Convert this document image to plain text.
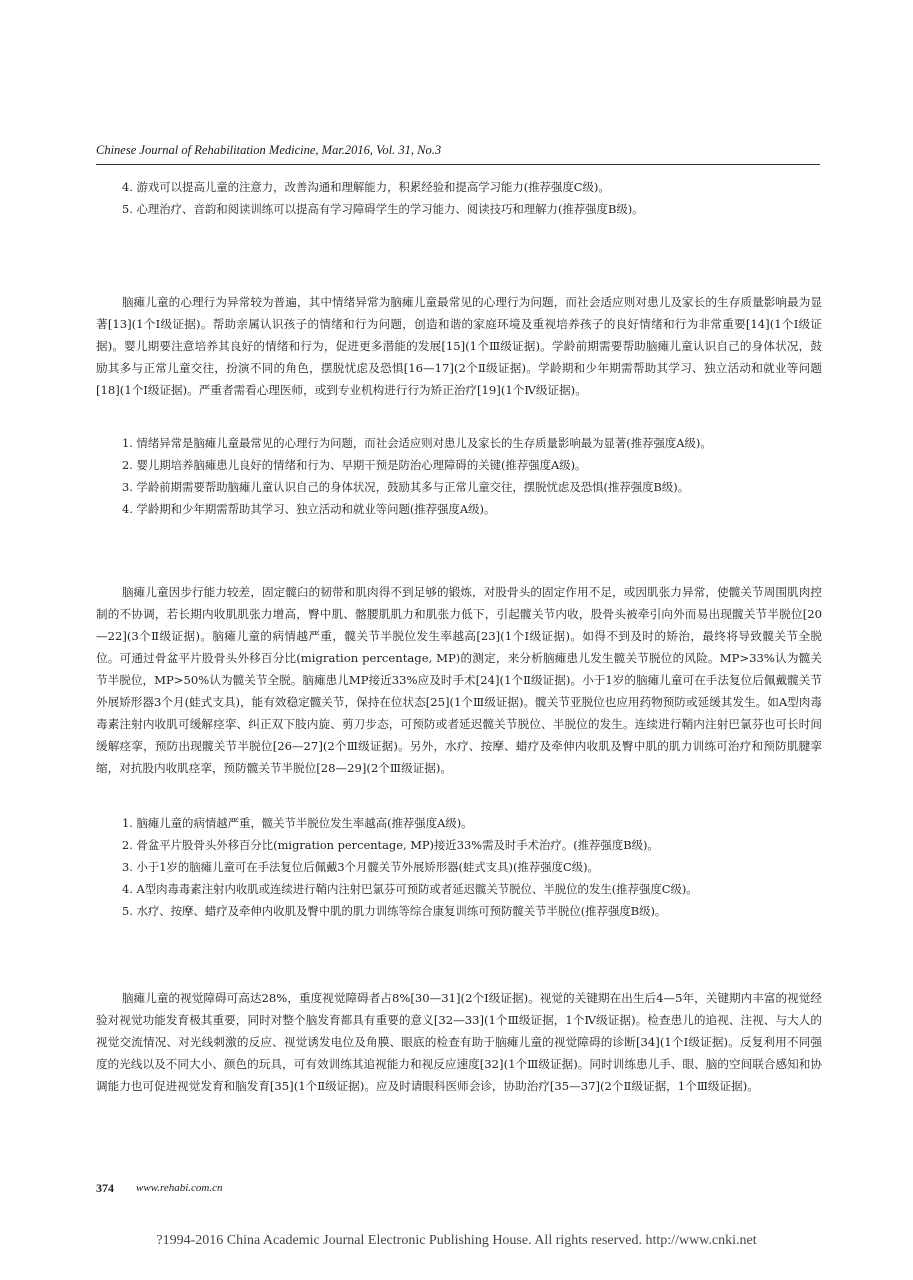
Chinese Journal of Rehabilitation Medicine, Mar.2016, Vol. 31, No.3
4. 游戏可以提高儿童的注意力，改善沟通和理解能力，积累经验和提高学习能力(推荐强度C级)。
5. 心理治疗、音韵和阅读训练可以提高有学习障碍学生的学习能力、阅读技巧和理解力(推荐强度B级)。
脑瘫儿童的心理行为异常较为普遍，其中情绪异常为脑瘫儿童最常见的心理行为问题，而社会适应则对患儿及家长的生存质量影响最为显著[13](1个Ⅰ级证据)。帮助亲属认识孩子的情绪和行为问题，创造和谐的家庭环境及重视培养孩子的良好情绪和行为非常重要[14](1个Ⅰ级证据)。婴儿期要注意培养其良好的情绪和行为，促进更多潜能的发展[15](1个Ⅲ级证据)。学龄前期需要帮助脑瘫儿童认识自己的身体状况，鼓励其多与正常儿童交往，扮演不同的角色，摆脱忧虑及恐惧[16—17](2个Ⅱ级证据)。学龄期和少年期需帮助其学习、独立活动和就业等问题[18](1个Ⅰ级证据)。严重者需看心理医师，或到专业机构进行行为矫正治疗[19](1个Ⅳ级证据)。
1. 情绪异常是脑瘫儿童最常见的心理行为问题，而社会适应则对患儿及家长的生存质量影响最为显著(推荐强度A级)。
2. 婴儿期培养脑瘫患儿良好的情绪和行为、早期干预是防治心理障碍的关键(推荐强度A级)。
3. 学龄前期需要帮助脑瘫儿童认识自己的身体状况，鼓励其多与正常儿童交往，摆脱忧虑及恐惧(推荐强度B级)。
4. 学龄期和少年期需帮助其学习、独立活动和就业等问题(推荐强度A级)。
脑瘫儿童因步行能力较差，固定髋臼的韧带和肌肉得不到足够的锻炼，对股骨头的固定作用不足，或因肌张力异常，使髋关节周围肌肉控制的不协调，若长期内收肌肌张力增高，臀中肌、髂腰肌肌力和肌张力低下，引起髋关节内收，股骨头被牵引向外而易出现髋关节半脱位[20—22](3个Ⅱ级证据)。脑瘫儿童的病情越严重，髋关节半脱位发生率越高[23](1个Ⅰ级证据)。如得不到及时的矫治，最终将导致髋关节全脱位。可通过骨盆平片股骨头外移百分比(migration percentage, MP)的测定，来分析脑瘫患儿发生髋关节脱位的风险。MP>33%认为髋关节半脱位，MP>50%认为髋关节全脱。脑瘫患儿MP接近33%应及时手术[24](1个Ⅱ级证据)。小于1岁的脑瘫儿童可在手法复位后佩戴髋关节外展矫形器3个月(蛙式支具)，能有效稳定髋关节，保持在位状态[25](1个Ⅲ级证据)。髋关节亚脱位也应用药物预防或延缓其发生。如A型肉毒毒素注射内收肌可缓解痉挛、纠正双下肢内旋、剪刀步态，可预防或者延迟髋关节脱位、半脱位的发生。连续进行鞘内注射巴氯芬也可长时间缓解痉挛，预防出现髋关节半脱位[26—27](2个Ⅲ级证据)。另外，水疗、按摩、蜡疗及牵伸内收肌及臀中肌的肌力训练可治疗和预防肌腱挛缩，对抗股内收肌痉挛，预防髋关节半脱位[28—29](2个Ⅲ级证据)。
1. 脑瘫儿童的病情越严重，髋关节半脱位发生率越高(推荐强度A级)。
2. 骨盆平片股骨头外移百分比(migration percentage, MP)接近33%需及时手术治疗。(推荐强度B级)。
3. 小于1岁的脑瘫儿童可在手法复位后佩戴3个月髋关节外展矫形器(蛙式支具)(推荐强度C级)。
4. A型肉毒毒素注射内收肌或连续进行鞘内注射巴氯芬可预防或者延迟髋关节脱位、半脱位的发生(推荐强度C级)。
5. 水疗、按摩、蜡疗及牵伸内收肌及臀中肌的肌力训练等综合康复训练可预防髋关节半脱位(推荐强度B级)。
脑瘫儿童的视觉障碍可高达28%，重度视觉障碍者占8%[30—31](2个Ⅰ级证据)。视觉的关键期在出生后4—5年，关键期内丰富的视觉经验对视觉功能发育极其重要，同时对整个脑发育都具有重要的意义[32—33](1个Ⅲ级证据，1个Ⅳ级证据)。检查患儿的追视、注视、与大人的视觉交流情况、对光线刺激的反应、视觉诱发电位及角膜、眼底的检查有助于脑瘫儿童的视觉障碍的诊断[34](1个Ⅰ级证据)。反复利用不同强度的光线以及不同大小、颜色的玩具，可有效训练其追视能力和视反应速度[32](1个Ⅲ级证据)。同时训练患儿手、眼、脑的空间联合感知和协调能力也可促进视觉发育和脑发育[35](1个Ⅱ级证据)。应及时请眼科医师会诊，协助治疗[35—37](2个Ⅱ级证据，1个Ⅲ级证据)。
374 www.rehabi.com.cn
?1994-2016 China Academic Journal Electronic Publishing House. All rights reserved. http://www.cnki.net
